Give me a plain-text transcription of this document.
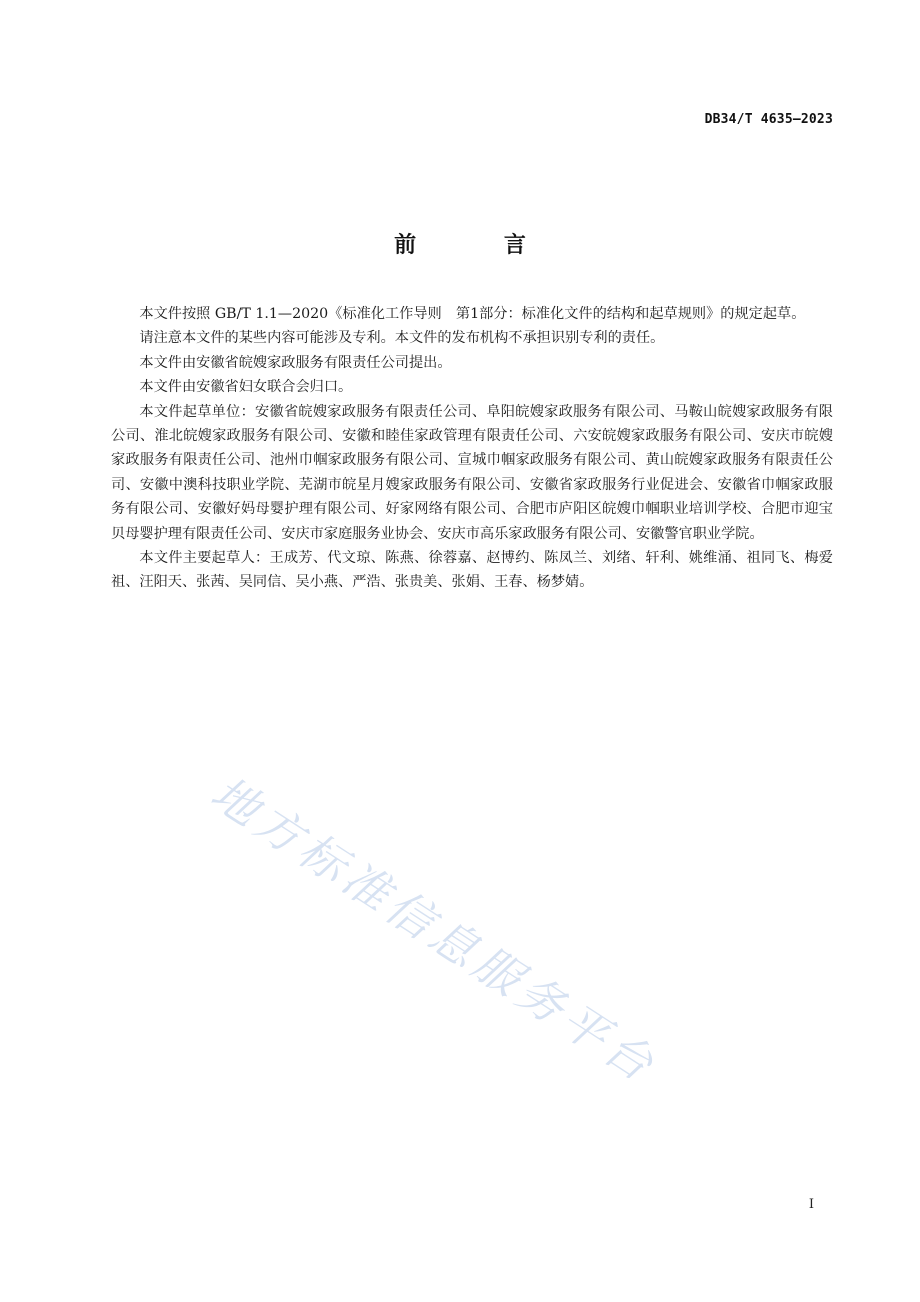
DB34/T 4635—2023
前 言

本文件按照 GB/T 1.1—2020《标准化工作导则　第1部分：标准化文件的结构和起草规则》的规定起草。

请注意本文件的某些内容可能涉及专利。本文件的发布机构不承担识别专利的责任。

本文件由安徽省皖嫂家政服务有限责任公司提出。

本文件由安徽省妇女联合会归口。

本文件起草单位：安徽省皖嫂家政服务有限责任公司、阜阳皖嫂家政服务有限公司、马鞍山皖嫂家政服务有限公司、淮北皖嫂家政服务有限公司、安徽和睦佳家政管理有限责任公司、六安皖嫂家政服务有限公司、安庆市皖嫂家政服务有限责任公司、池州巾帼家政服务有限公司、宣城巾帼家政服务有限公司、黄山皖嫂家政服务有限责任公司、安徽中澳科技职业学院、芜湖市皖星月嫂家政服务有限公司、安徽省家政服务行业促进会、安徽省巾帼家政服务有限公司、安徽好妈母婴护理有限公司、好家网络有限公司、合肥市庐阳区皖嫂巾帼职业培训学校、合肥市迎宝贝母婴护理有限责任公司、安庆市家庭服务业协会、安庆市高乐家政服务有限公司、安徽警官职业学院。

本文件主要起草人：王成芳、代文琼、陈燕、徐蓉嘉、赵博约、陈凤兰、刘绪、轩利、姚维涌、祖同飞、梅爱祖、汪阳天、张茜、吴同信、吴小燕、严浩、张贵美、张娟、王春、杨梦婧。

地方标准信息服务平台
I
